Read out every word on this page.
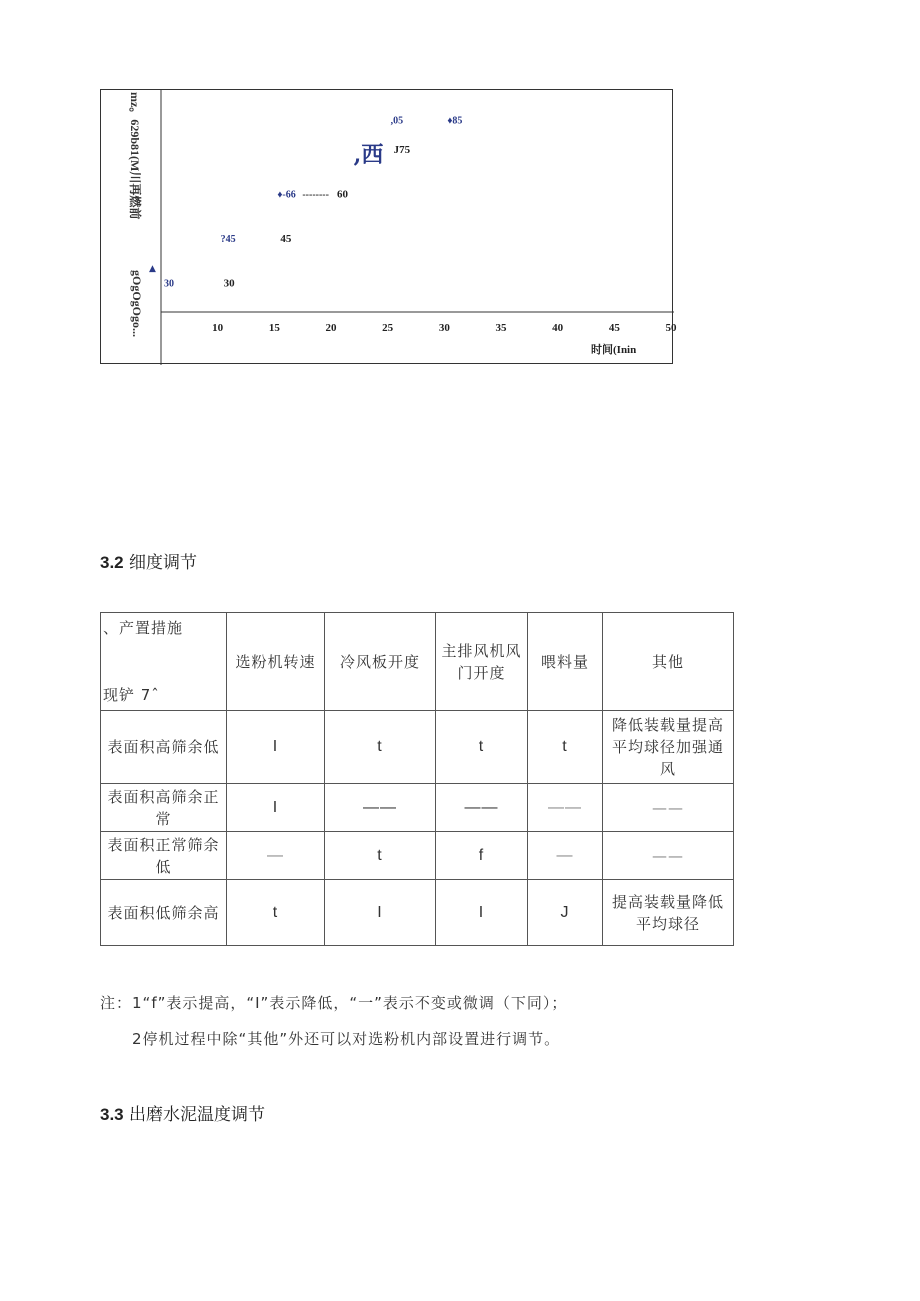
10	15	20	25	30	35	40	45	50
30
?45
♦-66
,05	♦85
30
45
60
J75
,西
--------
时间(Inin
▲
mz。629b81(M川再燃前
gOgOgOgo...
3.2 细度调节
、产置措施
现铲 7ˆ	选粉机转速	冷风板开度	主排风机风门开度	喂料量	其他
表面积高筛余低	I	t	t	t	降低装载量提高平均球径加强通风
表面积高筛余正常	I	——	——	——	——
表面积正常筛余低	—	t	f	—	——
表面积低筛余高	t	I	I	J	提高装载量降低平均球径
注：1“f”表示提高，“I”表示降低，“一”表示不变或微调（下同）；
2停机过程中除“其他”外还可以对选粉机内部设置进行调节。
3.3 出磨水泥温度调节
